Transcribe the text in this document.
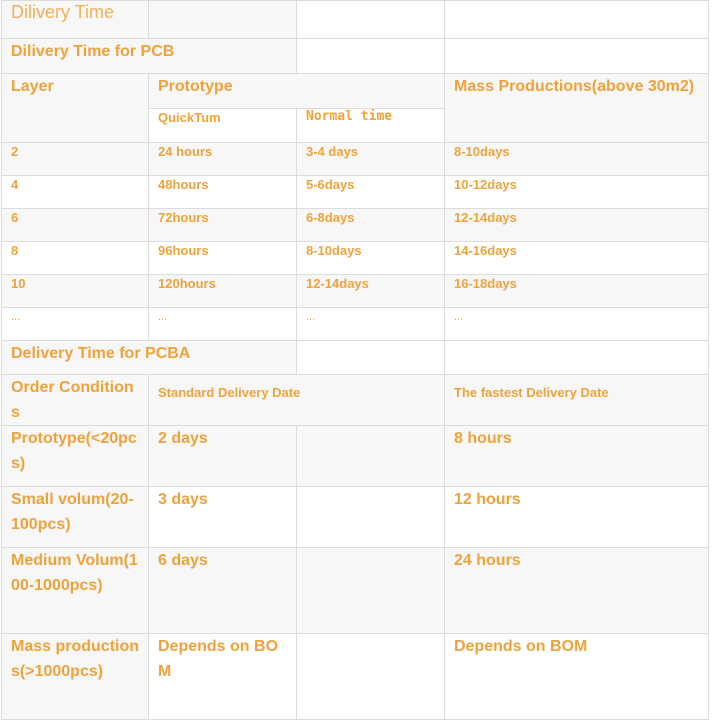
Dilivery Time			
Dilivery Time for PCB			
Layer	Prototype		Mass Productions(above 30m2)
	QuickTum	Normal time	
2	24 hours	3-4 days	8-10days
4	48hours	5-6days	10-12days
6	72hours	6-8days	12-14days
8	96hours	8-10days	14-16days
10	120hours	12-14days	16-18days
...	...	...	...
Delivery Time for PCBA			
Order Conditions	Standard Delivery Date		The fastest Delivery Date
Prototype(<20pcs)	2 days		8 hours
Small volum(20-100pcs)	3 days		12 hours
Medium Volum(100-1000pcs)	6 days		24 hours
Mass productions(>1000pcs)	Depends on BOM		Depends on BOM
